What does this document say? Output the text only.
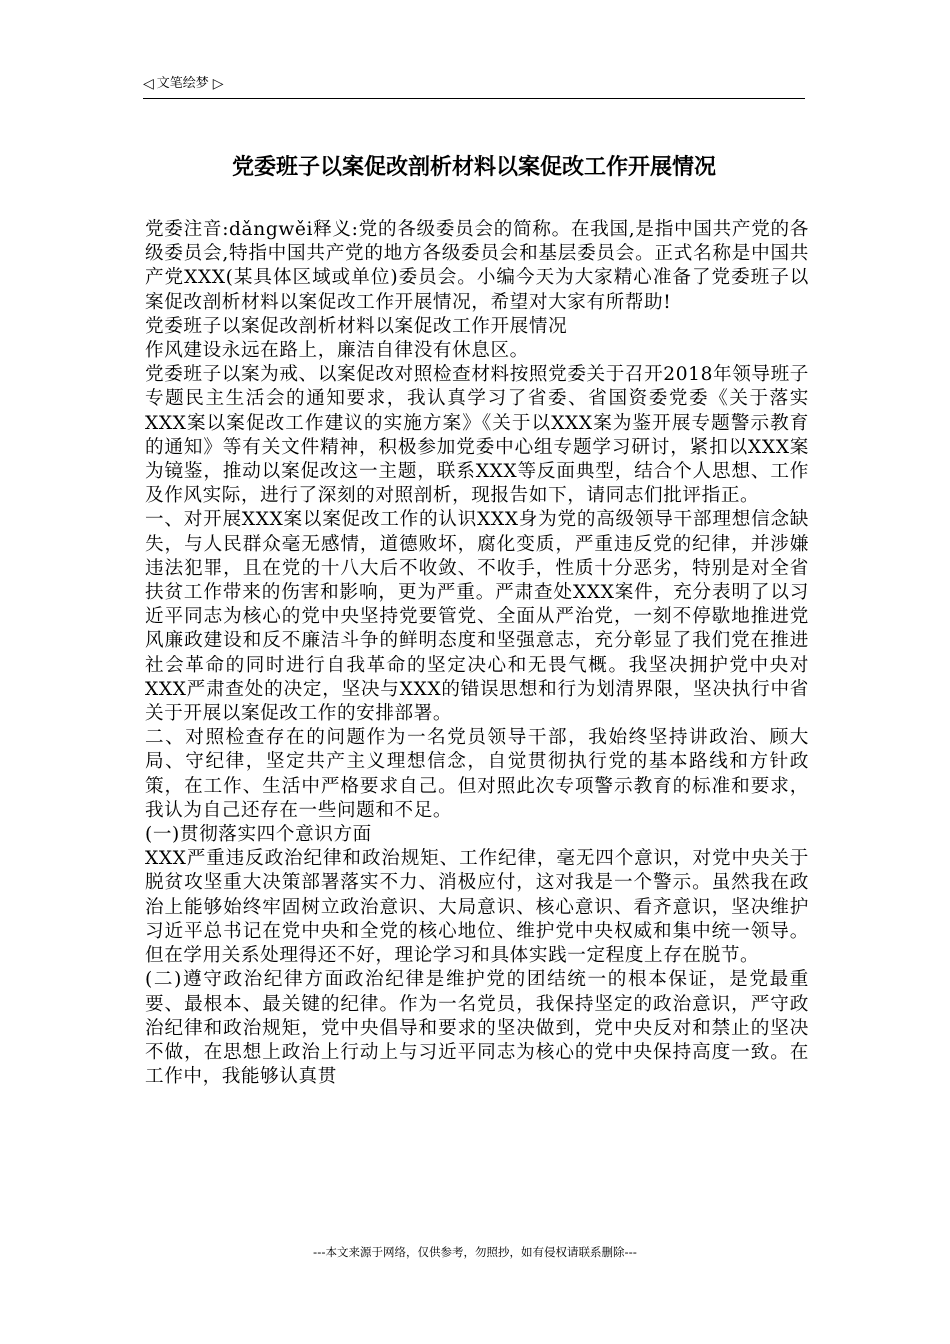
◁ 文笔绘梦 ▷
党委班子以案促改剖析材料以案促改工作开展情况

党委注音:dǎngwěi释义:党的各级委员会的简称。在我国,是指中国共产党的各级委员会,特指中国共产党的地方各级委员会和基层委员会。正式名称是中国共产党XXX(某具体区域或单位)委员会。小编今天为大家精心准备了党委班子以案促改剖析材料以案促改工作开展情况，希望对大家有所帮助!

党委班子以案促改剖析材料以案促改工作开展情况

作风建设永远在路上，廉洁自律没有休息区。

党委班子以案为戒、以案促改对照检查材料按照党委关于召开2018年领导班子专题民主生活会的通知要求，我认真学习了省委、省国资委党委《关于落实XXX案以案促改工作建议的实施方案》《关于以XXX案为鉴开展专题警示教育的通知》等有关文件精神，积极参加党委中心组专题学习研讨，紧扣以XXX案为镜鉴，推动以案促改这一主题，联系XXX等反面典型，结合个人思想、工作及作风实际，进行了深刻的对照剖析，现报告如下，请同志们批评指正。

一、对开展XXX案以案促改工作的认识XXX身为党的高级领导干部理想信念缺失，与人民群众毫无感情，道德败坏，腐化变质，严重违反党的纪律，并涉嫌违法犯罪，且在党的十八大后不收敛、不收手，性质十分恶劣，特别是对全省扶贫工作带来的伤害和影响，更为严重。严肃查处XXX案件，充分表明了以习近平同志为核心的党中央坚持党要管党、全面从严治党，一刻不停歇地推进党风廉政建设和反不廉洁斗争的鲜明态度和坚强意志，充分彰显了我们党在推进社会革命的同时进行自我革命的坚定决心和无畏气概。我坚决拥护党中央对XXX严肃查处的决定，坚决与XXX的错误思想和行为划清界限，坚决执行中省关于开展以案促改工作的安排部署。

二、对照检查存在的问题作为一名党员领导干部，我始终坚持讲政治、顾大局、守纪律，坚定共产主义理想信念，自觉贯彻执行党的基本路线和方针政策，在工作、生活中严格要求自己。但对照此次专项警示教育的标准和要求，我认为自己还存在一些问题和不足。

(一)贯彻落实四个意识方面

XXX严重违反政治纪律和政治规矩、工作纪律，毫无四个意识，对党中央关于脱贫攻坚重大决策部署落实不力、消极应付，这对我是一个警示。虽然我在政治上能够始终牢固树立政治意识、大局意识、核心意识、看齐意识，坚决维护习近平总书记在党中央和全党的核心地位、维护党中央权威和集中统一领导。但在学用关系处理得还不好，理论学习和具体实践一定程度上存在脱节。

(二)遵守政治纪律方面政治纪律是维护党的团结统一的根本保证，是党最重要、最根本、最关键的纪律。作为一名党员，我保持坚定的政治意识，严守政治纪律和政治规矩，党中央倡导和要求的坚决做到，党中央反对和禁止的坚决不做，在思想上政治上行动上与习近平同志为核心的党中央保持高度一致。在工作中，我能够认真贯

---本文来源于网络，仅供参考，勿照抄，如有侵权请联系删除---
